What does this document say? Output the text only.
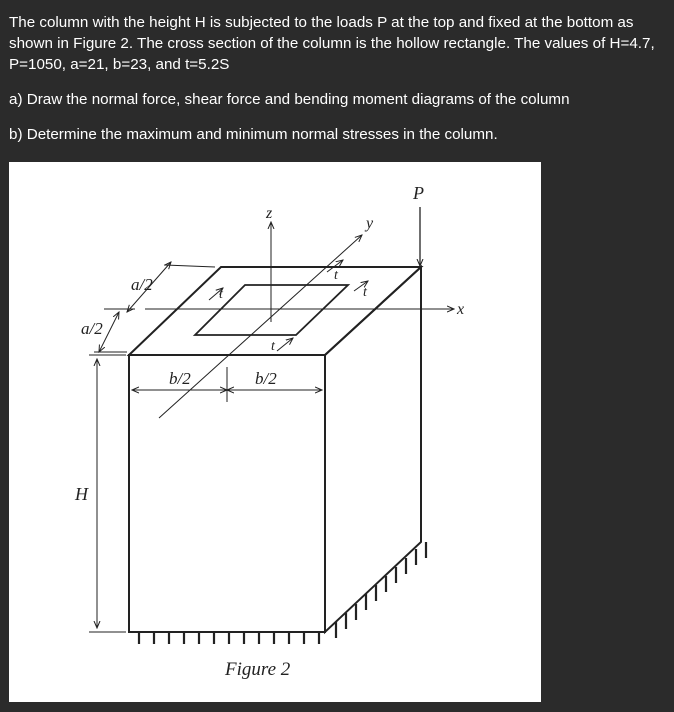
The column with the height H is subjected to the loads P at the top and fixed at the bottom as shown in Figure 2. The cross section of the column is the hollow rectangle. The values of H=4.7, P=1050, a=21, b=23, and t=5.2S

a) Draw the normal force, shear force and bending moment diagrams of the column

b) Determine the maximum and minimum normal stresses in the column.

P
x
y
z
a/2
a/2
b/2	b/2
H
t
t	t
t
Figure 2
